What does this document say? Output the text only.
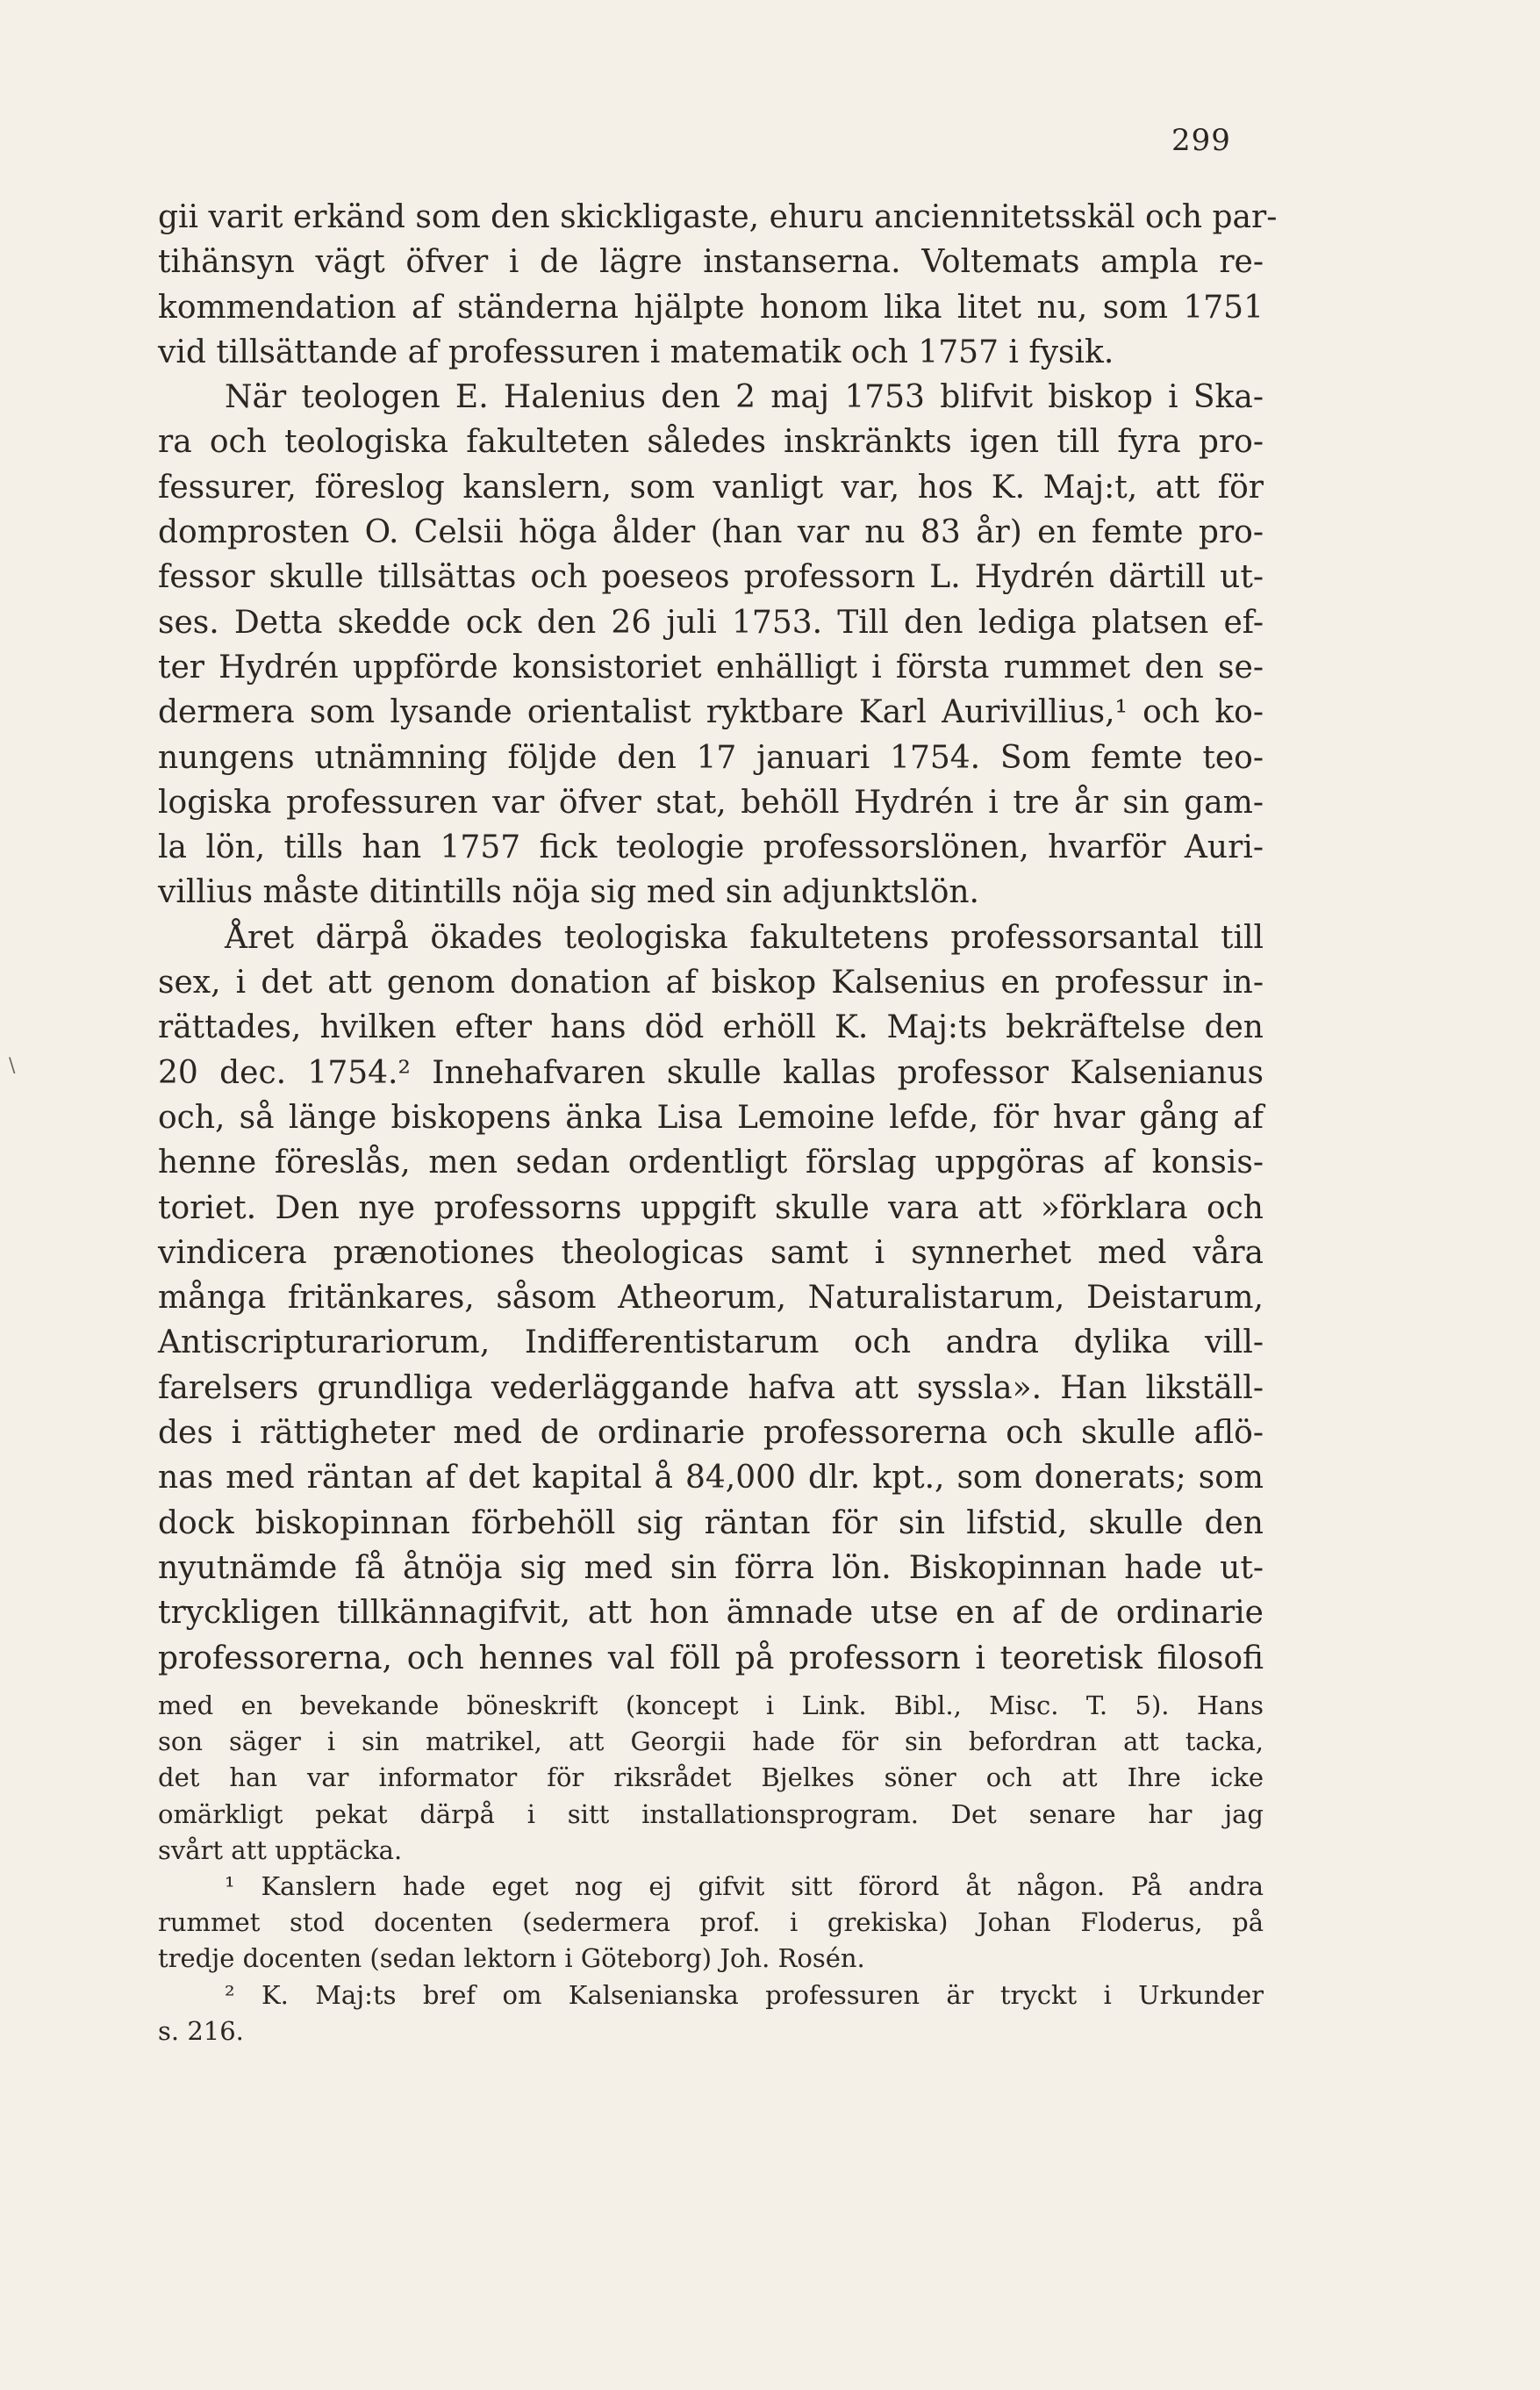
299
\
gii varit erkänd som den skickligaste, ehuru anciennitetsskäl och par-
tihänsyn vägt öfver i de lägre instanserna. Voltemats ampla re-
kommendation af ständerna hjälpte honom lika litet nu, som 1751
vid tillsättande af professuren i matematik och 1757 i fysik.
När teologen E. Halenius den 2 maj 1753 blifvit biskop i Ska-
ra och teologiska fakulteten således inskränkts igen till fyra pro-
fessurer, föreslog kanslern, som vanligt var, hos K. Maj:t, att för
domprosten O. Celsii höga ålder (han var nu 83 år) en femte pro-
fessor skulle tillsättas och poeseos professorn L. Hydrén därtill ut-
ses. Detta skedde ock den 26 juli 1753. Till den lediga platsen ef-
ter Hydrén uppförde konsistoriet enhälligt i första rummet den se-
dermera som lysande orientalist ryktbare Karl Aurivillius,¹ och ko-
nungens utnämning följde den 17 januari 1754. Som femte teo-
logiska professuren var öfver stat, behöll Hydrén i tre år sin gam-
la lön, tills han 1757 fick teologie professorslönen, hvarför Auri-
villius måste ditintills nöja sig med sin adjunktslön.
Året därpå ökades teologiska fakultetens professorsantal till
sex, i det att genom donation af biskop Kalsenius en professur in-
rättades, hvilken efter hans död erhöll K. Maj:ts bekräftelse den
20 dec. 1754.² Innehafvaren skulle kallas professor Kalsenianus
och, så länge biskopens änka Lisa Lemoine lefde, för hvar gång af
henne föreslås, men sedan ordentligt förslag uppgöras af konsis-
toriet. Den nye professorns uppgift skulle vara att »förklara och
vindicera prænotiones theologicas samt i synnerhet med våra
många fritänkares, såsom Atheorum, Naturalistarum, Deistarum,
Antiscripturariorum, Indifferentistarum och andra dylika vill-
farelsers grundliga vederläggande hafva att syssla». Han likställ-
des i rättigheter med de ordinarie professorerna och skulle aflö-
nas med räntan af det kapital å 84,000 dlr. kpt., som donerats; som
dock biskopinnan förbehöll sig räntan för sin lifstid, skulle den
nyutnämde få åtnöja sig med sin förra lön. Biskopinnan hade ut-
tryckligen tillkännagifvit, att hon ämnade utse en af de ordinarie
professorerna, och hennes val föll på professorn i teoretisk filosofi
med en bevekande böneskrift (koncept i Link. Bibl., Misc. T. 5). Hans
son säger i sin matrikel, att Georgii hade för sin befordran att tacka,
det han var informator för riksrådet Bjelkes söner och att Ihre icke
omärkligt pekat därpå i sitt installationsprogram. Det senare har jag
svårt att upptäcka.
¹ Kanslern hade eget nog ej gifvit sitt förord åt någon. På andra
rummet stod docenten (sedermera prof. i grekiska) Johan Floderus, på
tredje docenten (sedan lektorn i Göteborg) Joh. Rosén.
² K. Maj:ts bref om Kalsenianska professuren är tryckt i Urkunder
s. 216.
